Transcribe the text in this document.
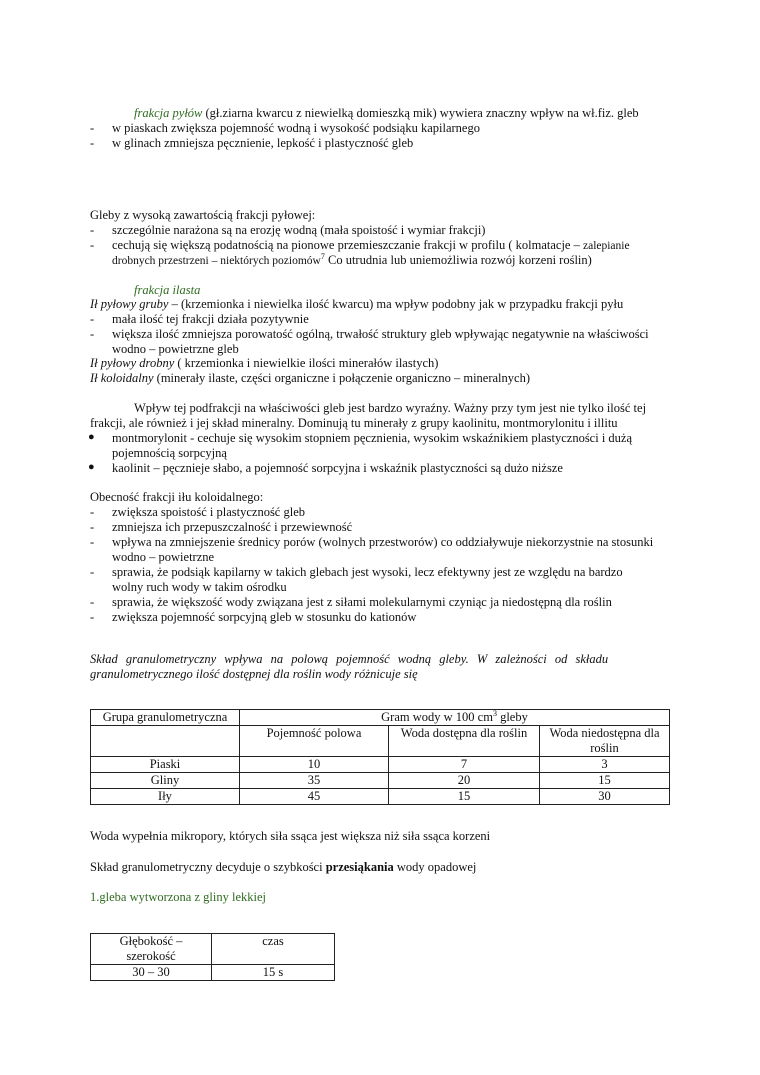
frakcja pyłów (gł.ziarna kwarcu z niewielką domieszką mik) wywiera znaczny wpływ na wł.fiz. gleb
- w piaskach zwiększa pojemność wodną i wysokość podsiąku kapilarnego
- w glinach zmniejsza pęcznienie, lepkość i plastyczność gleb
Gleby z wysoką zawartością frakcji pyłowej:
- szczególnie narażona są na erozję wodną (mała spoistość i wymiar frakcji)
- cechują się większą podatnością na pionowe przemieszczanie frakcji w profilu ( kolmatacje – zalepianie
drobnych przestrzeni – niektórych poziomów$^7$ Co utrudnia lub uniemożliwia rozwój korzeni roślin)
frakcja ilasta
Ił pyłowy gruby – (krzemionka i niewielka ilość kwarcu) ma wpływ podobny jak w przypadku frakcji pyłu
- mała ilość tej frakcji działa pozytywnie
- większa ilość zmniejsza porowatość ogólną, trwałość struktury gleb wpływając negatywnie na właściwości
wodno – powietrzne gleb
Ił pyłowy drobny ( krzemionka i niewielkie ilości minerałów ilastych)
Ił koloidalny (minerały ilaste, części organiczne i połączenie organiczno – mineralnych)
Wpływ tej podfrakcji na właściwości gleb jest bardzo wyraźny. Ważny przy tym jest nie tylko ilość tej
frakcji, ale również i jej skład mineralny. Dominują tu minerały z grupy kaolinitu, montmorylonitu i illitu
● montmorylonit - cechuje się wysokim stopniem pęcznienia, wysokim wskaźnikiem plastyczności i dużą
pojemnością sorpcyjną
● kaolinit – pęcznieje słabo, a pojemność sorpcyjna i wskaźnik plastyczności są dużo niższe
Obecność frakcji iłu koloidalnego:
- zwiększa spoistość i plastyczność gleb
- zmniejsza ich przepuszczalność i przewiewność
- wpływa na zmniejszenie średnicy porów (wolnych przestworów) co oddziaływuje niekorzystnie na stosunki
wodno – powietrzne
- sprawia, że podsiąk kapilarny w takich glebach jest wysoki, lecz efektywny jest ze względu na bardzo
wolny ruch wody w takim ośrodku
- sprawia, że większość wody związana jest z siłami molekularnymi czyniąc ja niedostępną dla roślin
- zwiększa pojemność sorpcyjną gleb w stosunku do kationów
Skład granulometryczny wpływa na polową pojemność wodną gleby. W zależności od składu
granulometrycznego ilość dostępnej dla roślin wody różnicuje się
Grupa granulometryczna	Gram wody w 100 $cm^3$ gleby		
	Pojemność polowa	Woda dostępna dla roślin	Woda niedostępna dla
roślin
Piaski	10	7	3
Gliny	35	20	15
Iły	45	15	30
Woda wypełnia mikropory, których siła ssąca jest większa niż siła ssąca korzeni
Skład granulometryczny decyduje o szybkości przesiąkania wody opadowej
1.gleba wytworzona z gliny lekkiej
Głębokość –
szerokość	czas
30 – 30	15 s
